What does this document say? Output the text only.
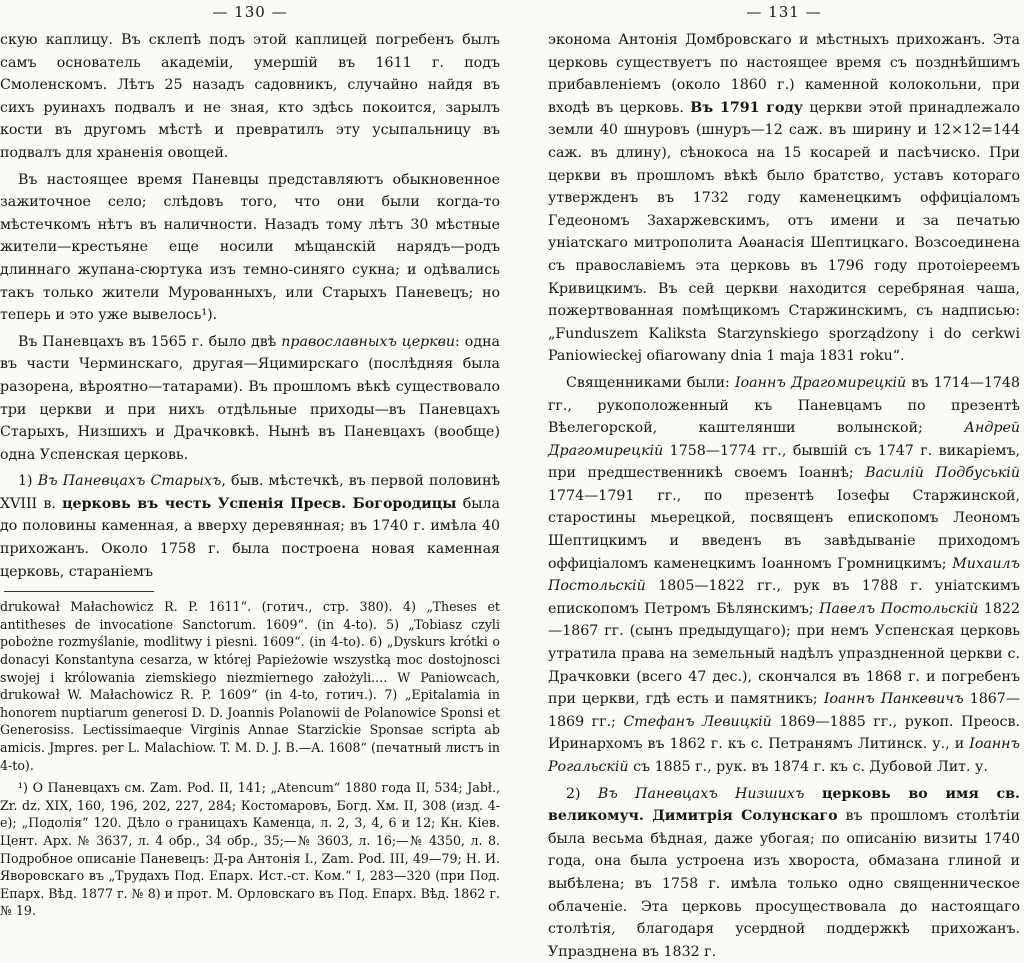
— 130 —

скую каплицу. Въ склепѣ подъ этой каплицей погребенъ былъ самъ основатель академіи, умершій въ 1611 г. подъ Смоленскомъ. Лѣтъ 25 назадъ садовникъ, случайно найдя въ сихъ руинахъ подвалъ и не зная, кто здѣсь покоится, зарылъ кости въ другомъ мѣстѣ и превратилъ эту усыпальницу въ подвалъ для храненія овощей.

Въ настоящее время Паневцы представляютъ обыкновенное зажиточное село; слѣдовъ того, что они были когда-то мѣстечкомъ нѣтъ въ наличности. Назадъ тому лѣтъ 30 мѣстные жители—крестьяне еще носили мѣщанскій нарядъ—родъ длиннаго жупана-сюртука изъ темно-синяго сукна; и одѣвались такъ только жители Мурованныхъ, или Старыхъ Паневецъ; но теперь и это уже вывелось¹).

Въ Паневцахъ въ 1565 г. было двѣ православныхъ церкви: одна въ части Черминскаго, другая—Яцимирскаго (послѣдняя была разорена, вѣроятно—татарами). Въ прошломъ вѣкѣ существовало три церкви и при нихъ отдѣльные приходы—въ Паневцахъ Старыхъ, Низшихъ и Драчковкѣ. Нынѣ въ Паневцахъ (вообще) одна Успенская церковь.

1) Въ Паневцахъ Старыхъ, быв. мѣстечкѣ, въ первой половинѣ XVIII в. церковь въ честь Успенія Пресв. Богородицы была до половины каменная, а вверху деревянная; въ 1740 г. имѣла 40 прихожанъ. Около 1758 г. была построена новая каменная церковь, стараніемъ

drukował Małachowicz R. P. 1611“. (готич., стр. 380). 4) „Theses et antitheses de invocatione Sanctorum. 1609“. (in 4-to). 5) „Tobiasz czyli pobożne rozmyślanie, modlitwy i piesni. 1609“. (in 4-to). 6) „Dyskurs krótki o donacyi Konstantyna cesarza, w której Papieżowie wszystką moc dostojnosci swojej i królowania ziemskiego niezmiernego założyli.... W Paniowcach, drukował W. Małachowicz R. P. 1609“ (in 4-to, готич.). 7) „Epitalamia in honorem nuptiarum generosi D. D. Joannis Polanowii de Polanowice Sponsi et Generosiss. Lectissimaeque Virginis Annae Starzickie Sponsae scripta ab amicis. Jmpres. per L. Malachiow. T. M. D. J. B.—A. 1608“ (печатный листъ in 4-to).

¹) О Паневцахъ см. Zam. Pod. II, 141; „Atencum“ 1880 года II, 534; Jabł., Zr. dz. XIX, 160, 196, 202, 227, 284; Костомаровъ, Богд. Хм. II, 308 (изд. 4-е); „Подолія“ 120. Дѣло о границахъ Каменца, л. 2, 3, 4, 6 и 12; Кн. Кіев. Цент. Арх. № 3637, л. 4 обр., 34 обр., 35;—№ 3603, л. 16;—№ 4350, л. 8. Подробное описаніе Паневецъ: Д-ра Антонія I., Zam. Pod. III, 49—79; Н. И. Яворовскаго въ „Трудахъ Под. Епарх. Ист.-ст. Ком.“ I, 283—320 (при Под. Епарх. Вѣд. 1877 г. № 8) и прот. М. Орловскаго въ Под. Епарх. Вѣд. 1862 г. № 19.

— 131 —

эконома Антонія Домбровскаго и мѣстныхъ прихожанъ. Эта церковь существуетъ по настоящее время съ позднѣйшимъ прибавленіемъ (около 1860 г.) каменной колокольни, при входѣ въ церковь. Въ 1791 году церкви этой принадлежало земли 40 шнуровъ (шнуръ—12 саж. въ ширину и 12×12=144 саж. въ длину), сѣнокоса на 15 косарей и пасѣчиско. При церкви въ прошломъ вѣкѣ было братство, уставъ котораго утвержденъ въ 1732 году каменецкимъ оффиціаломъ Гедеономъ Захаржевскимъ, отъ имени и за печатью уніатскаго митрополита Аѳанасія Шептицкаго. Возсоединена съ православіемъ эта церковь въ 1796 году протоіереемъ Кривицкимъ. Въ сей церкви находится серебряная чаша, пожертвованная помѣщикомъ Старжинскимъ, съ надписью: „Funduszem Kaliksta Starzynskiego sporządzony i do cerkwi Paniowieckej ofiarowany dnia 1 maja 1831 roku“.

Священниками были: Іоаннъ Драгомирецкій въ 1714—1748 гг., рукоположенный къ Паневцамъ по презентѣ Вѣелегорской, каштелянши волынской; Андрей Драгомирецкій 1758—1774 гг., бывшій съ 1747 г. викаріемъ, при предшественникѣ своемъ Іоаннѣ; Василій Подбуській 1774—1791 гг., по презентѣ Іозефы Старжинской, старостины мьерецкой, посвященъ епископомъ Леономъ Шептицкимъ и введенъ въ завѣдываніе приходомъ оффиціаломъ каменецкимъ Іоанномъ Громницкимъ; Михаилъ Постольскій 1805—1822 гг., рук въ 1788 г. уніатскимъ епископомъ Петромъ Бѣлянскимъ; Павелъ Постольскій 1822—1867 гг. (сынъ предыдущаго); при немъ Успенская церковь утратила права на земельный надѣлъ упраздненной церкви с. Драчковки (всего 47 дес.), скончался въ 1868 г. и погребенъ при церкви, гдѣ есть и памятникъ; Іоаннъ Панкевичъ 1867—1869 гг.; Стефанъ Левицкій 1869—1885 гг., рукоп. Преосв. Иринархомъ въ 1862 г. къ с. Петранямъ Литинск. у., и Іоаннъ Рогальскій съ 1885 г., рук. въ 1874 г. къ с. Дубовой Лит. у.

2) Въ Паневцахъ Низшихъ церковь во имя св. великомуч. Димитрія Солунскаго въ прошломъ столѣтіи была весьма бѣдная, даже убогая; по описанію визиты 1740 года, она была устроена изъ хвороста, обмазана глиной и выбѣлена; въ 1758 г. имѣла только одно священническое облаченіе. Эта церковь просуществовала до настоящаго столѣтія, благодаря усердной поддержкѣ прихожанъ. Упразднена въ 1832 г.
